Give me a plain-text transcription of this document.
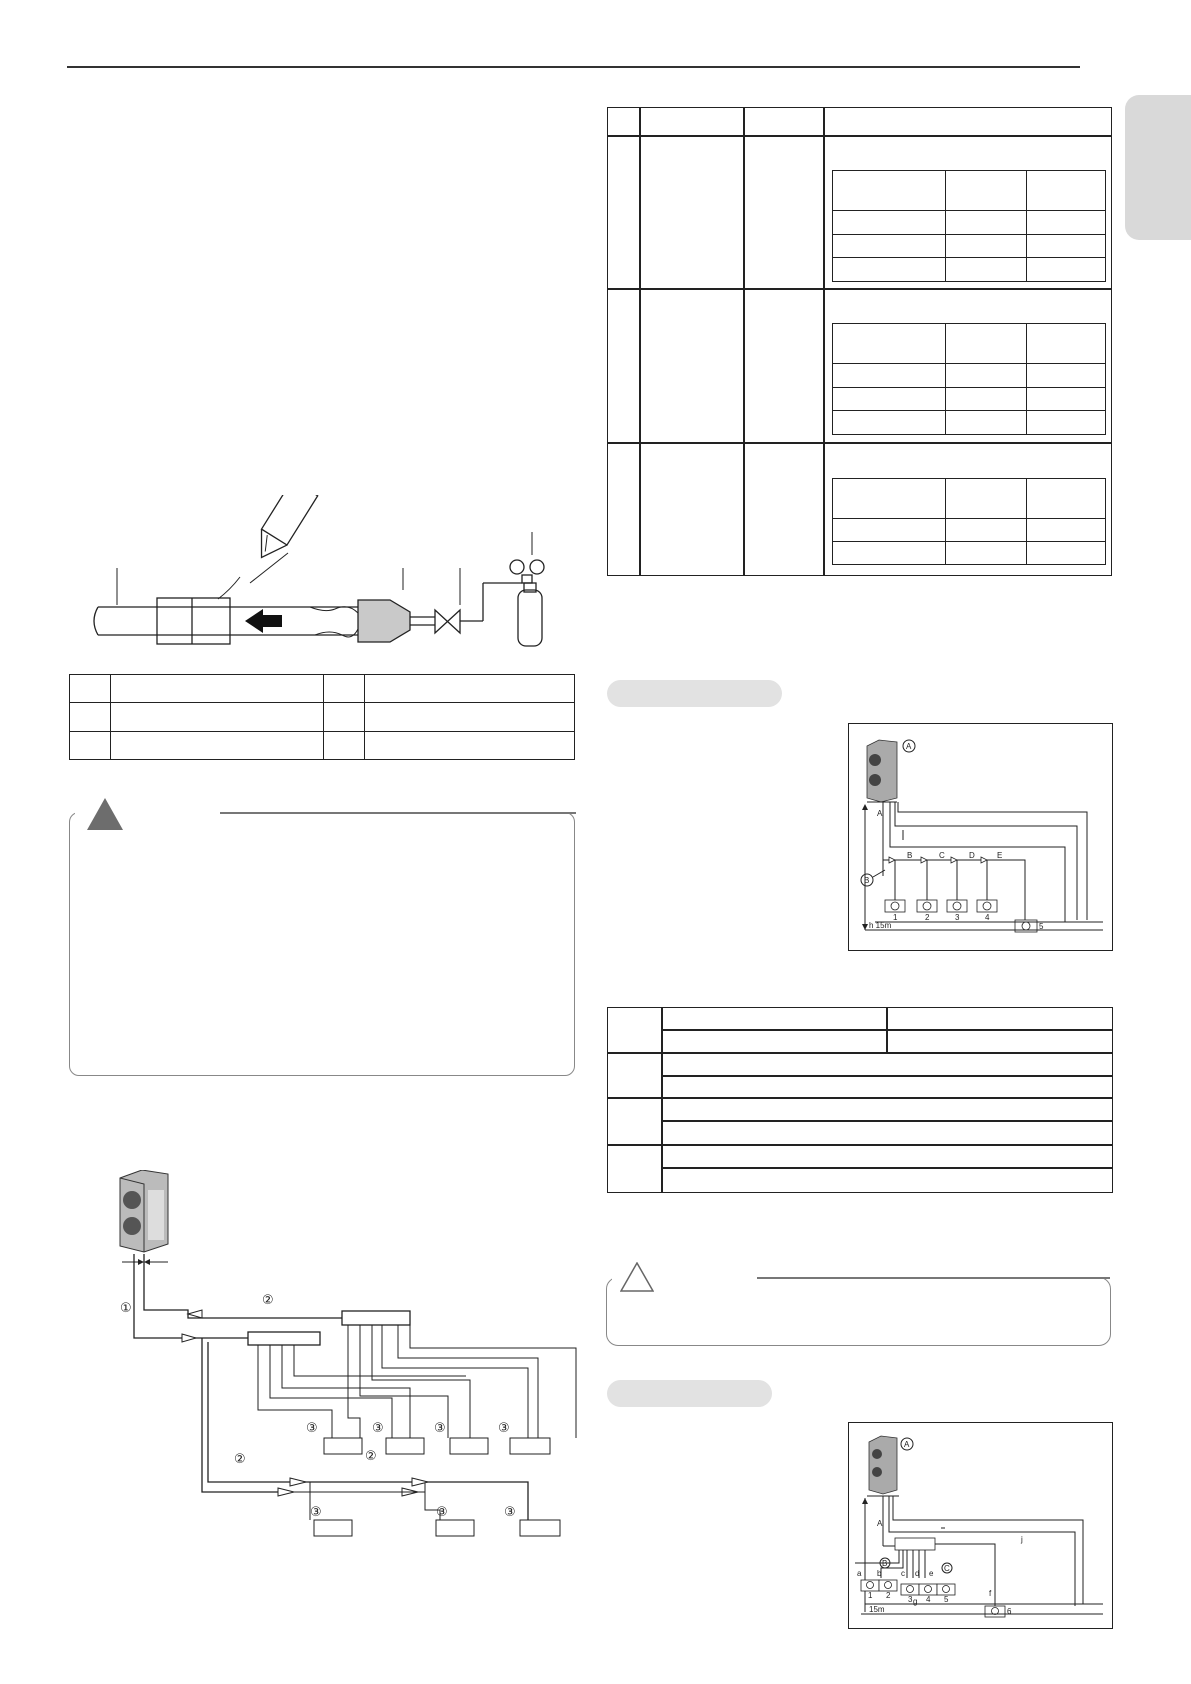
①
②
②	②
③	③	③	③
③	③	③

A
A
B	C	D	E
B
1	2	3	4
5
h 15m
A
A
B
C
a b c d e
f
g
j
1 2 3 4 5
6
15m
